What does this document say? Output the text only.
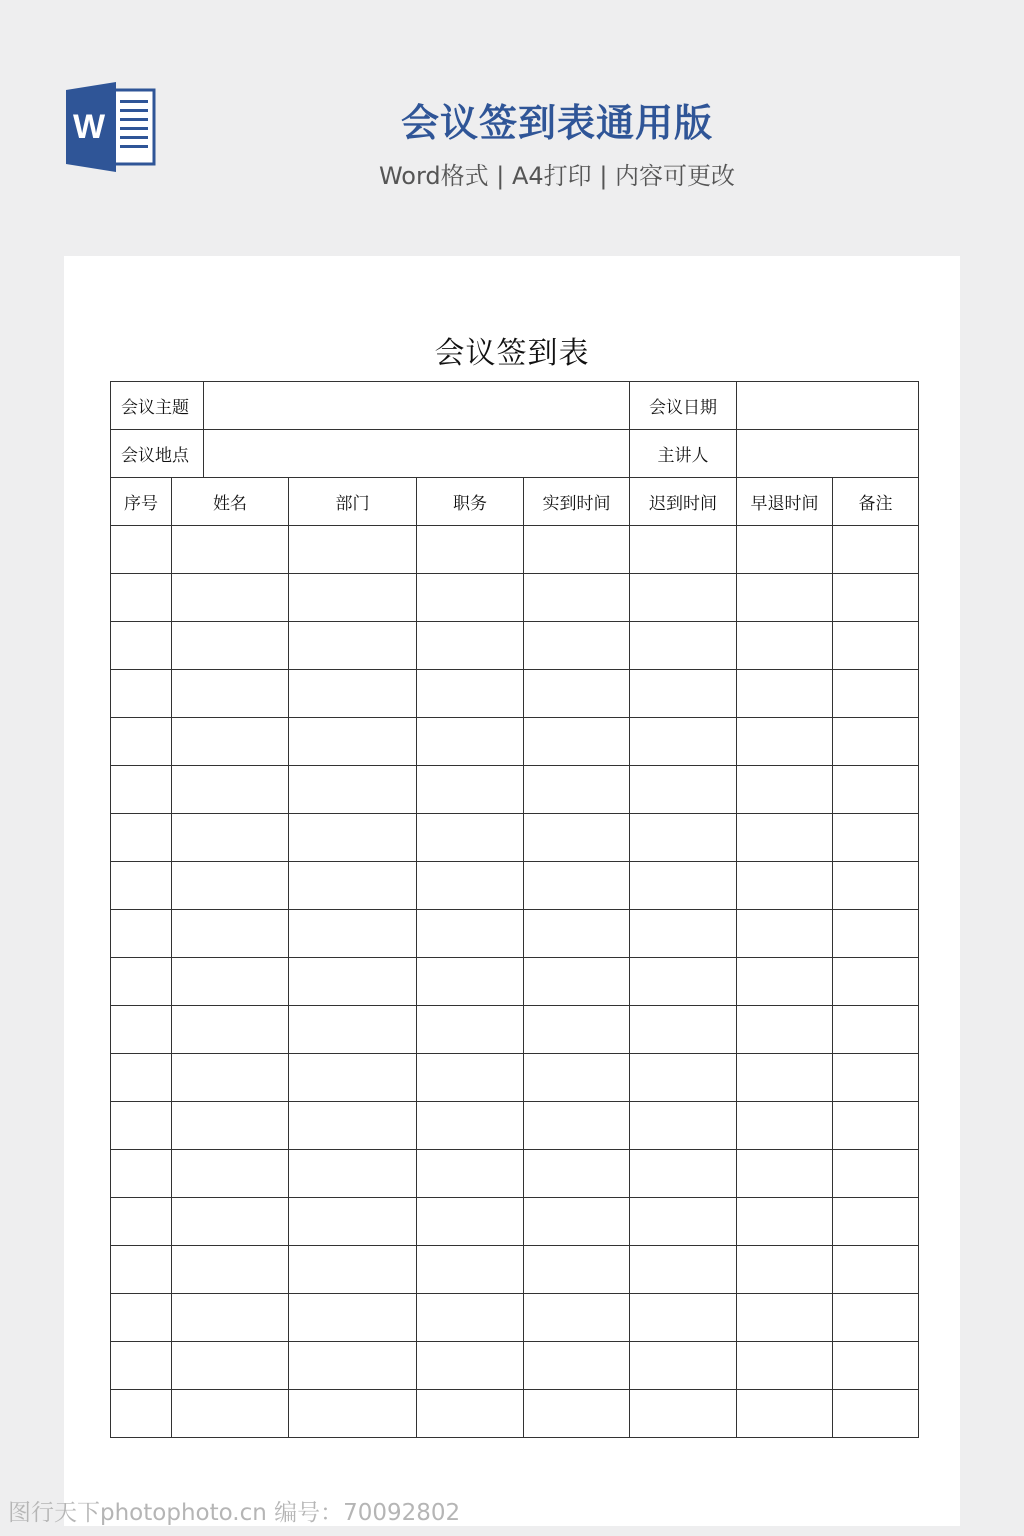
W	会议签到表通用版
Word格式 | A4打印 | 内容可更改
会议签到表
会议主题						会议日期		
会议地点						主讲人		
序号	姓名		部门	职务	实到时间	迟到时间	早退时间	备注

图行天下photophoto.cn 编号：70092802
